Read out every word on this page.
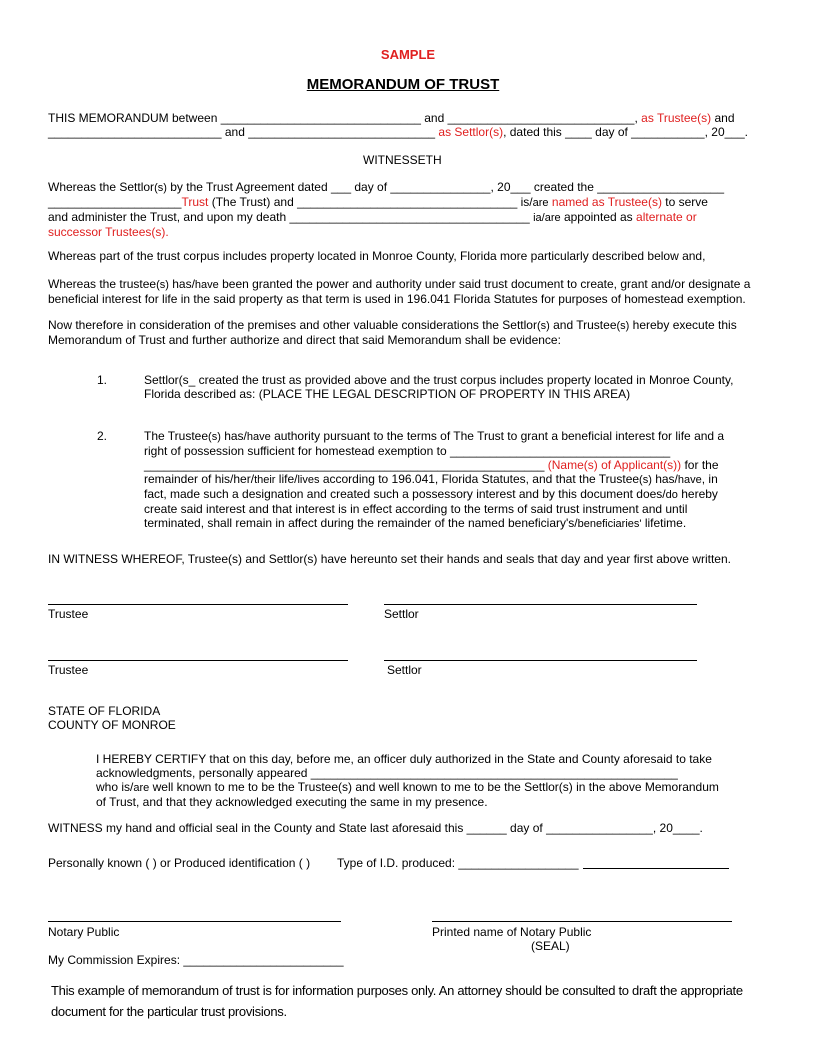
SAMPLE
MEMORANDUM OF TRUST

THIS MEMORANDUM between ______________________________ and ____________________________, as Trustee(s) and

__________________________ and ____________________________ as Settlor(s), dated this ____ day of ___________, 20___.

WITNESSETH

Whereas the Settlor(s) by the Trust Agreement dated ___ day of _______________, 20___ created the ___________________

____________________Trust (The Trust) and _________________________________ is/are named as Trustee(s) to serve

and administer the Trust, and upon my death ____________________________________ ia/are appointed as alternate or

successor Trustees(s).

Whereas part of the trust corpus includes property located in Monroe County, Florida more particularly described below and,

Whereas the trustee(s) has/have been granted the power and authority under said trust document to create, grant and/or designate a

beneficial interest for life in the said property as that term is used in 196.041 Florida Statutes for purposes of homestead exemption.

Now therefore in consideration of the premises and other valuable considerations the Settlor(s) and Trustee(s) hereby execute this

Memorandum of Trust and further authorize and direct that said Memorandum shall be evidence:

1.	Settlor(s_ created the trust as provided above and the trust corpus includes property located in Monroe County,

Florida described as: (PLACE THE LEGAL DESCRIPTION OF PROPERTY IN THIS AREA)

2.	The Trustee(s) has/have authority pursuant to the terms of The Trust to grant a beneficial interest for life and a

right of possession sufficient for homestead exemption to _________________________________

____________________________________________________________ (Name(s) of Applicant(s)) for the

remainder of his/her/their life/lives according to 196.041, Florida Statutes, and that the Trustee(s) has/have, in

fact, made such a designation and created such a possessory interest and by this document does/do hereby

create said interest and that interest is in effect according to the terms of said trust instrument and until

terminated, shall remain in affect during the remainder of the named beneficiary's/beneficiaries' lifetime.

IN WITNESS WHEREOF, Trustee(s) and Settlor(s) have hereunto set their hands and seals that day and year first above written.
Trustee	Settlor
Trustee	Settlor

STATE OF FLORIDA

COUNTY OF MONROE

I HEREBY CERTIFY that on this day, before me, an officer duly authorized in the State and County aforesaid to take

acknowledgments, personally appeared _______________________________________________________

who is/are well known to me to be the Trustee(s) and well known to me to be the Settlor(s) in the above Memorandum

of Trust, and that they acknowledged executing the same in my presence.

WITNESS my hand and official seal in the County and State last aforesaid this ______ day of ________________, 20____.
Personally known ( ) or Produced identification ( ) Type of I.D. produced: __________________
Notary Public	Printed name of Notary Public
(SEAL)
My Commission Expires: ________________________

This example of memorandum of trust is for information purposes only. An attorney should be consulted to draft the appropriate

document for the particular trust provisions.
